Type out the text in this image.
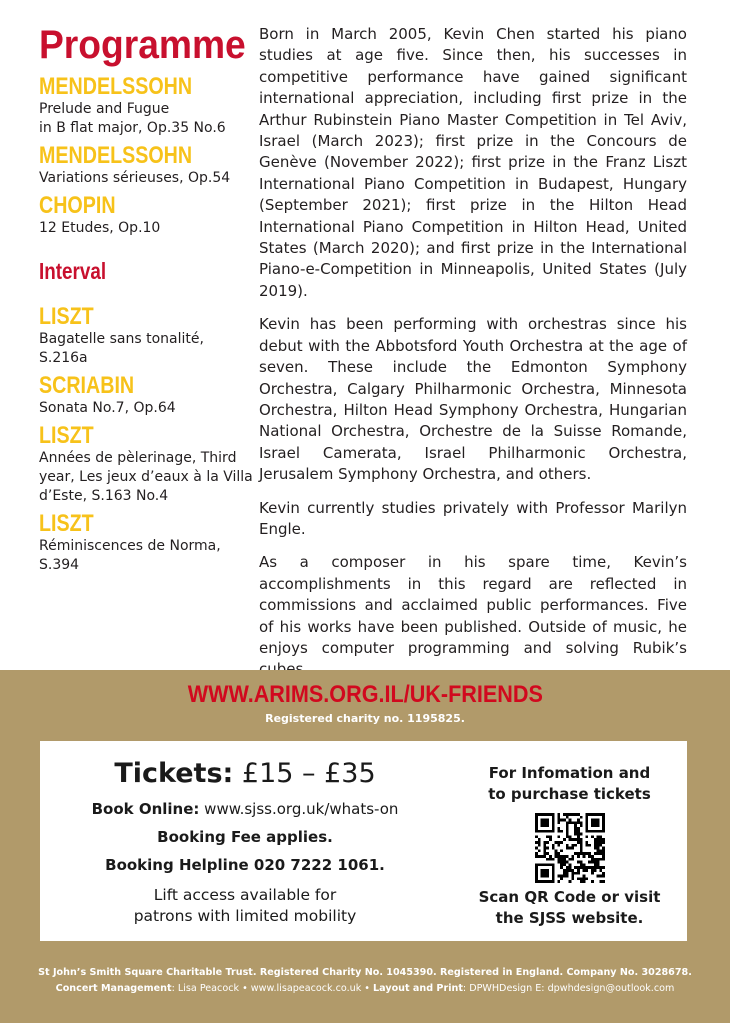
Programme
MENDELSSOHN
Prelude and Fugue
in B flat major, Op.35 No.6
MENDELSSOHN
Variations sérieuses, Op.54
CHOPIN
12 Etudes, Op.10
Interval
LISZT
Bagatelle sans tonalité,
S.216a
SCRIABIN
Sonata No.7, Op.64
LISZT
Années de pèlerinage, Third
year, Les jeux d’eaux à la Villa
d’Este, S.163 No.4
LISZT
Réminiscences de Norma,
S.394

Born in March 2005, Kevin Chen started his piano studies at age five. Since then, his successes in competitive performance have gained significant international appreciation, including first prize in the Arthur Rubinstein Piano Master Competition in Tel Aviv, Israel (March 2023); first prize in the Concours de Genève (November 2022); first prize in the Franz Liszt International Piano Competition in Budapest, Hungary (September 2021); first prize in the Hilton Head International Piano Competition in Hilton Head, United States (March 2020); and first prize in the International Piano-e-Competition in Minneapolis, United States (July 2019).

Kevin has been performing with orchestras since his debut with the Abbotsford Youth Orchestra at the age of seven. These include the Edmonton Symphony Orchestra, Calgary Philharmonic Orchestra, Minnesota Orchestra, Hilton Head Symphony Orchestra, Hungarian National Orchestra, Orchestre de la Suisse Romande, Israel Camerata, Israel Philharmonic Orchestra, Jerusalem Symphony Orchestra, and others.

Kevin currently studies privately with Professor Marilyn Engle.

As a composer in his spare time, Kevin’s accomplishments in this regard are reflected in commissions and acclaimed public performances. Five of his works have been published. Outside of music, he enjoys computer programming and solving Rubik’s

WWW.ARIMS.ORG.IL/UK-FRIENDS
Registered charity no. 1195825.
Tickets: £15 – £35
Book Online: www.sjss.org.uk/whats-on
Booking Fee applies.
Booking Helpline 020 7222 1061.
Lift access available for
patrons with limited mobility
For Infomation and
to purchase tickets
Scan QR Code or visit
the SJSS website.
St John’s Smith Square Charitable Trust. Registered Charity No. 1045390. Registered in England. Company No. 3028678.
Concert Management: Lisa Peacock • www.lisapeacock.co.uk • Layout and Print: DPWHDesign E: dpwhdesign@outlook.com
